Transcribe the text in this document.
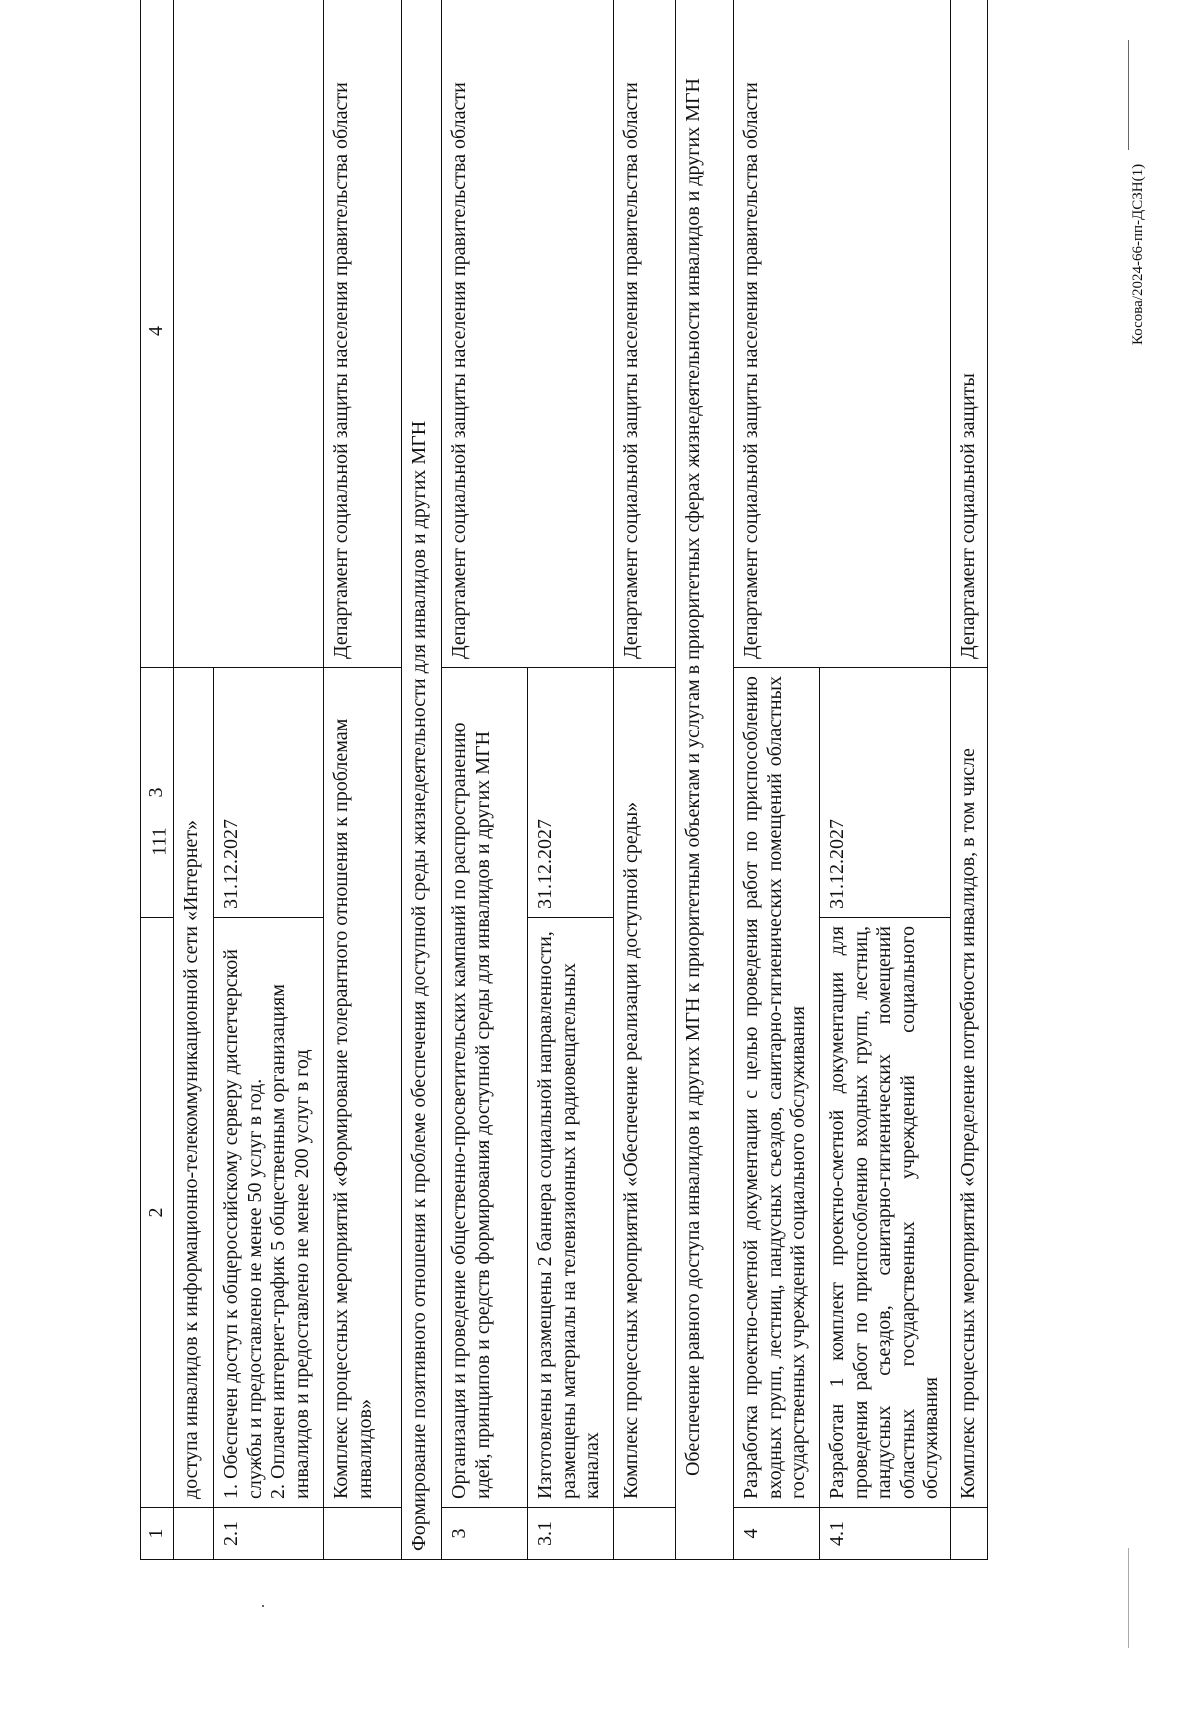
111
Косова/2024-66-пп-ДСЗН(1)
1	2	3	4
	доступа инвалидов к информационно-телекоммуникационной сети «Интернет»		
2.1	1. Обеспечен доступ к общероссийскому серверу диспетчерской службы и предоставлено не менее 50 услуг в год. 2. Оплачен интернет-трафик 5 общественным организациям инвалидов и предоставлено не менее 200 услуг в год	31.12.2027	
	Комплекс процессных мероприятий «Формирование толерантного отношения к проблемам инвалидов»		Департамент социальной защиты населения правительства области
Формирование позитивного отношения к проблеме обеспечения доступной среды жизнедеятельности для инвалидов и других МГН			
3	Организация и проведение общественно-просветительских кампаний по распространению идей, принципов и средств формирования доступной среды для инвалидов и других МГН		Департамент социальной защиты населения правительства области
3.1	Изготовлены и размещены 2 баннера социальной направленности, размещены материалы на телевизионных и радиовещательных каналах	31.12.2027	
	Комплекс процессных мероприятий «Обеспечение реализации доступной среды»		Департамент социальной защиты населения правительства области
Обеспечение равного доступа инвалидов и других МГН к приоритетным объектам и услугам в приоритетных сферах жизнедеятельности инвалидов и других МГН			
4	Разработка проектно-сметной документации с целью проведения работ по приспособлению входных групп, лестниц, пандусных съездов, санитарно-гигиенических помещений областных государственных учреждений социального обслуживания		Департамент социальной защиты населения правительства области
4.1	Разработан 1 комплект проектно-сметной документации для проведения работ по приспособлению входных групп, лестниц, пандусных съездов, санитарно-гигиенических помещений областных государственных учреждений социального обслуживания	31.12.2027	
	Комплекс процессных мероприятий «Определение потребности инвалидов, в том числе		Департамент социальной защиты
